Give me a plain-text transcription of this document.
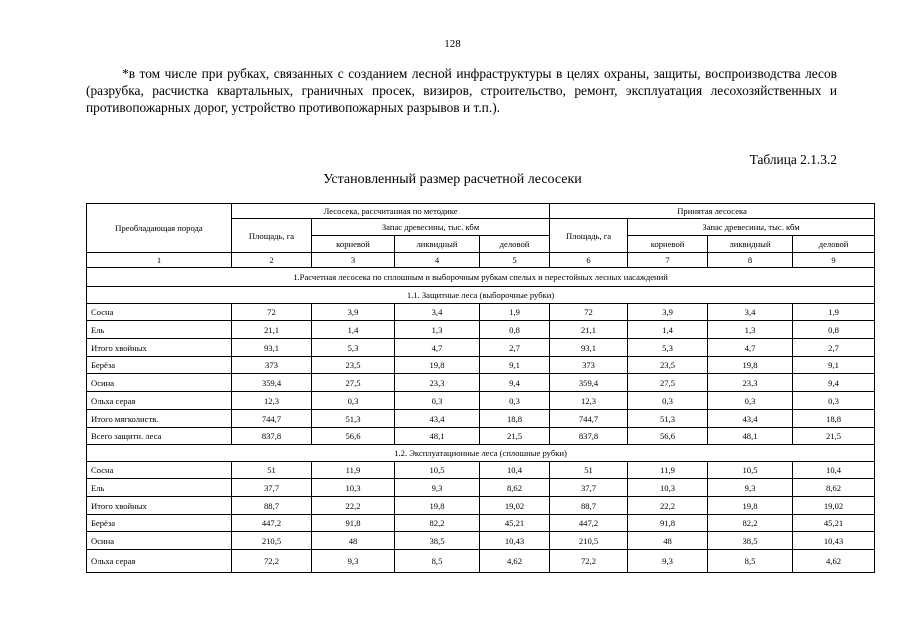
128
*в том числе при рубках, связанных с созданием лесной инфраструктуры в целях охраны, защиты, воспроизводства лесов (разрубка, расчистка квартальных, граничных просек, визиров, строительство, ремонт, эксплуатация лесохозяйственных и противопожарных дорог, устройство противопожарных разрывов и т.п.).
Таблица 2.1.3.2
Установленный размер расчетной лесосеки
Преобладающая порода	Лесосека, рассчитанная по методике				Принятая лесосека			
	Площадь, га	Запас древесины, тыс. кбм			Площадь, га	Запас древесины, тыс. кбм		
		корневой	ликвидный	деловой		корневой	ликвидный	деловой
1	2	3	4	5	6	7	8	9
1.Расчетная лесосека по сплошным и выборочным рубкам спелых и перестойных лесных насаждений								
1.1. Защитные леса (выборочные рубки)								
Сосна	72	3,9	3,4	1,9	72	3,9	3,4	1,9
Ель	21,1	1,4	1,3	0,8	21,1	1,4	1,3	0,8
Итого хвойных	93,1	5,3	4,7	2,7	93,1	5,3	4,7	2,7
Берёза	373	23,5	19,8	9,1	373	23,5	19,8	9,1
Осина	359,4	27,5	23,3	9,4	359,4	27,5	23,3	9,4
Ольха серая	12,3	0,3	0,3	0,3	12,3	0,3	0,3	0,3
Итого мягколиств.	744,7	51,3	43,4	18,8	744,7	51,3	43,4	18,8
Всего защитн. леса	837,8	56,6	48,1	21,5	837,8	56,6	48,1	21,5
1.2. Эксплуатационные леса (сплошные рубки)								
Сосна	51	11,9	10,5	10,4	51	11,9	10,5	10,4
Ель	37,7	10,3	9,3	8,62	37,7	10,3	9,3	8,62
Итого хвойных	88,7	22,2	19,8	19,02	88,7	22,2	19,8	19,02
Берёза	447,2	91,8	82,2	45,21	447,2	91,8	82,2	45,21
Осина	210,5	48	38,5	10,43	210,5	48	38,5	10,43
Ольха серая	72,2	9,3	8,5	4,62	72,2	9,3	8,5	4,62
